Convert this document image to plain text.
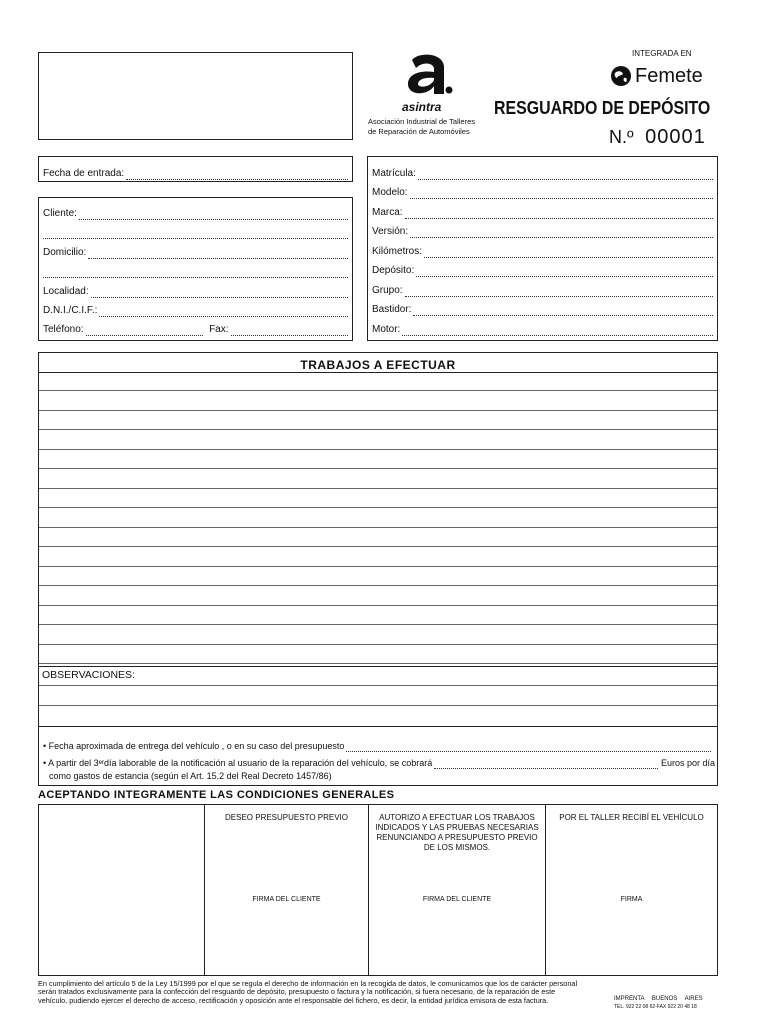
asintra
Asociación Industrial de Talleres
de Reparación de Automóviles
INTEGRADA EN
Femete
RESGUARDO DE DEPÓSITO
N.º 00001
Fecha de entrada:
Cliente:
Domicilio:
Localidad:
D.N.I./C.I.F.:
Teléfono:	Fax:
Matrícula:
Modelo:
Marca:
Versión:
Kilómetros:
Depósito:
Grupo:
Bastidor:
Motor:
TRABAJOS A EFECTUAR
OBSERVACIONES:
• Fecha aproximada de entrega del vehículo , o en su caso del presupuesto
• A partir del 3 er día laborable de la notificación al usuario de la reparación del vehículo, se cobrará	Euros por día
como gastos de estancia (según el Art. 15.2 del Real Decreto 1457/86)
ACEPTANDO INTEGRAMENTE LAS CONDICIONES GENERALES
DESEO PRESUPUESTO PREVIO
FIRMA DEL CLIENTE
AUTORIZO A EFECTUAR LOS TRABAJOS INDICADOS Y LAS PRUEBAS NECESARIAS RENUNCIANDO A PRESUPUESTO PREVIO DE LOS MISMOS.
FIRMA DEL CLIENTE
POR EL TALLER RECIBÍ EL VEHÍCULO
FIRMA
En cumplimiento del artículo 5 de la Ley 15/1999 por el que se regula el derecho de información en la recogida de datos, le comunicamos que los de carácter personal serán tratados exclusivamente para la confección del resguardo de depósito, presupuesto o factura y la notificación, si fuera necesario, de la reparación de este vehículo, pudiendo ejercer el derecho de acceso, rectificación y oposición ante el responsable del fichero, es decir, la entidad jurídica emisora de esta factura.	IMPRENTA BUENOS AIRES
TEL. 922 22 08 62-FAX 922 20 48 18
